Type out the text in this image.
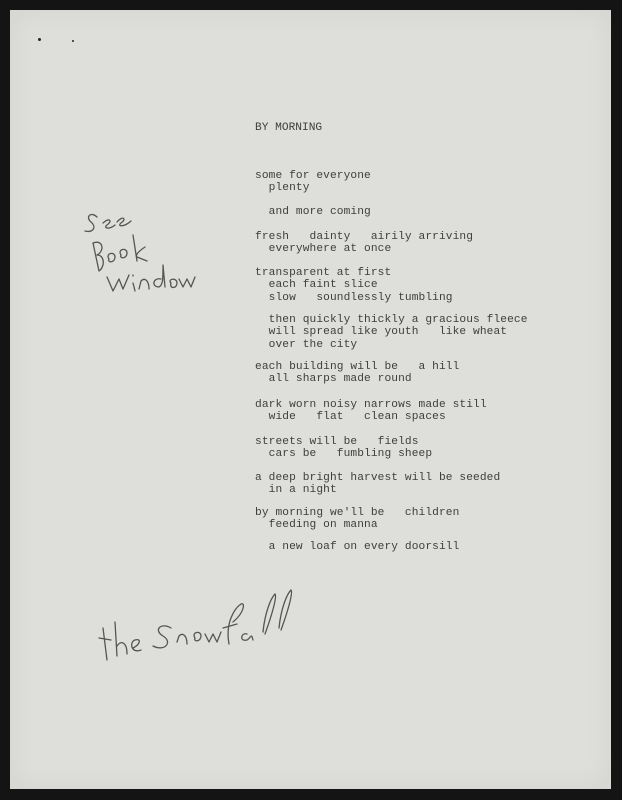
BY MORNING
some for everyone
plenty
and more coming
fresh   dainty   airily arriving
everywhere at once
transparent at first
each faint slice
slow   soundlessly tumbling
then quickly thickly a gracious fleece
will spread like youth   like wheat
over the city
each building will be   a hill
all sharps made round
dark worn noisy narrows made still
wide   flat   clean spaces
streets will be   fields
cars be   fumbling sheep
a deep bright harvest will be seeded
in a night
by morning we'll be   children
feeding on manna
a new loaf on every doorsill
